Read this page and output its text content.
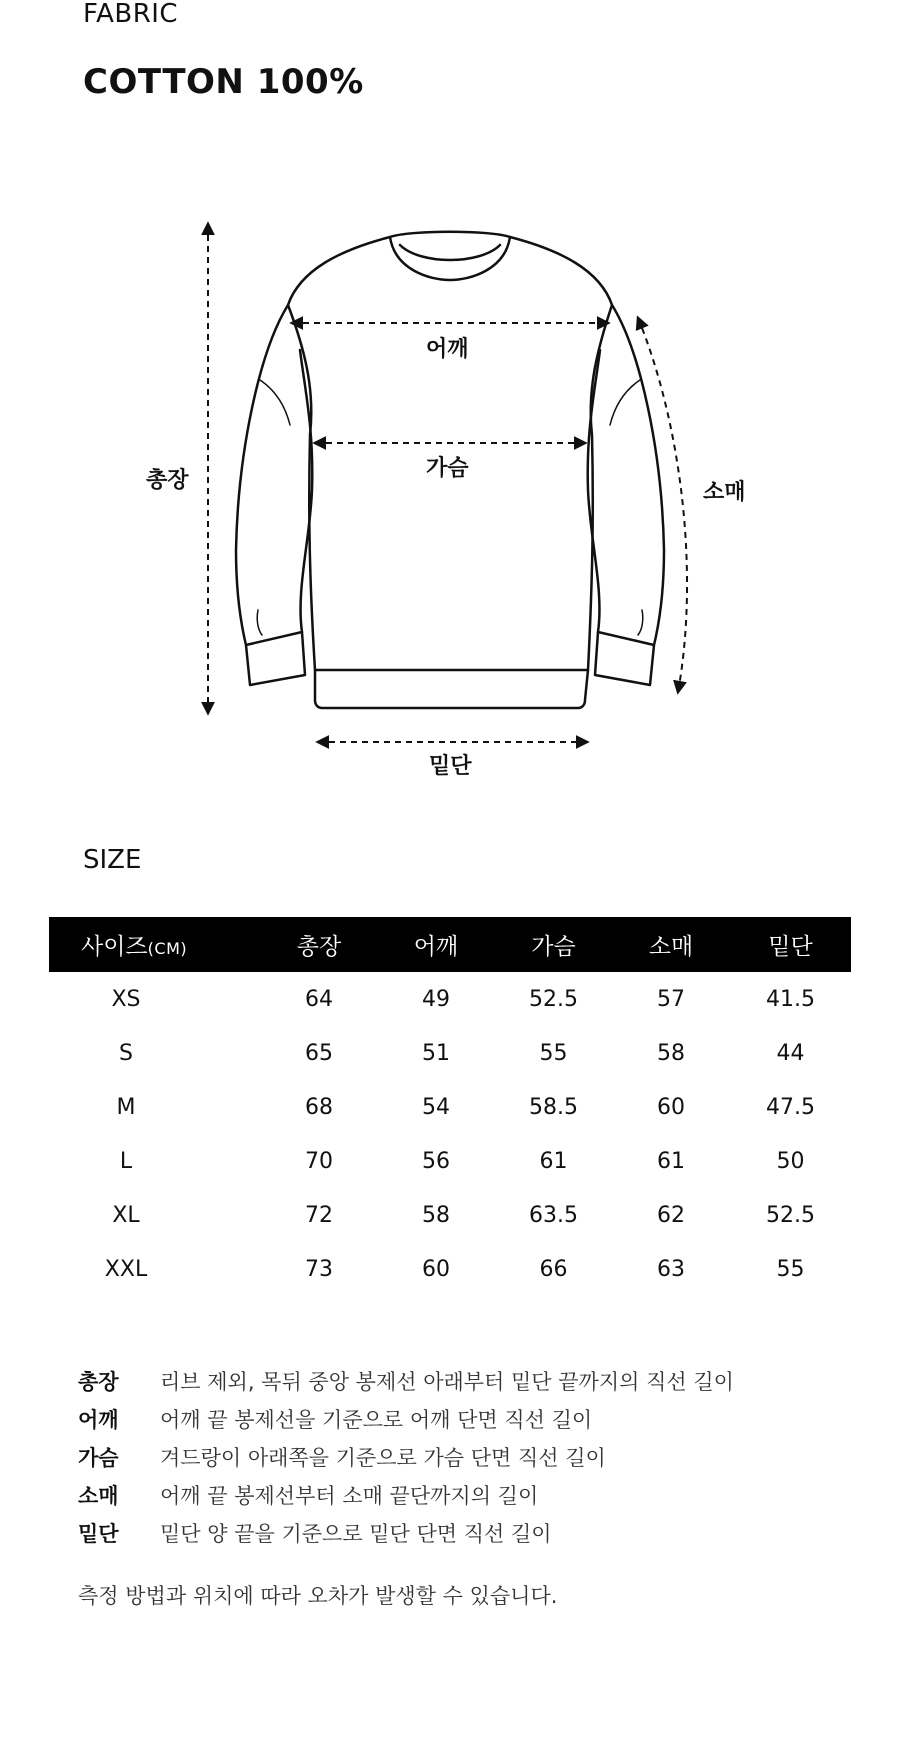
FABRIC
COTTON 100%
총장
어깨
가슴
소매
밑단
SIZE
사이즈(CM)	총장	어깨	가슴	소매	밑단
XS	64	49	52.5	57	41.5
S	65	51	55	58	44
M	68	54	58.5	60	47.5
L	70	56	61	61	50
XL	72	58	63.5	62	52.5
XXL	73	60	66	63	55
총장	리브 제외, 목뒤 중앙 봉제선 아래부터 밑단 끝까지의 직선 길이
어깨	어깨 끝 봉제선을 기준으로 어깨 단면 직선 길이
가슴	겨드랑이 아래쪽을 기준으로 가슴 단면 직선 길이
소매	어깨 끝 봉제선부터 소매 끝단까지의 길이
밑단	밑단 양 끝을 기준으로 밑단 단면 직선 길이
측정 방법과 위치에 따라 오차가 발생할 수 있습니다.
